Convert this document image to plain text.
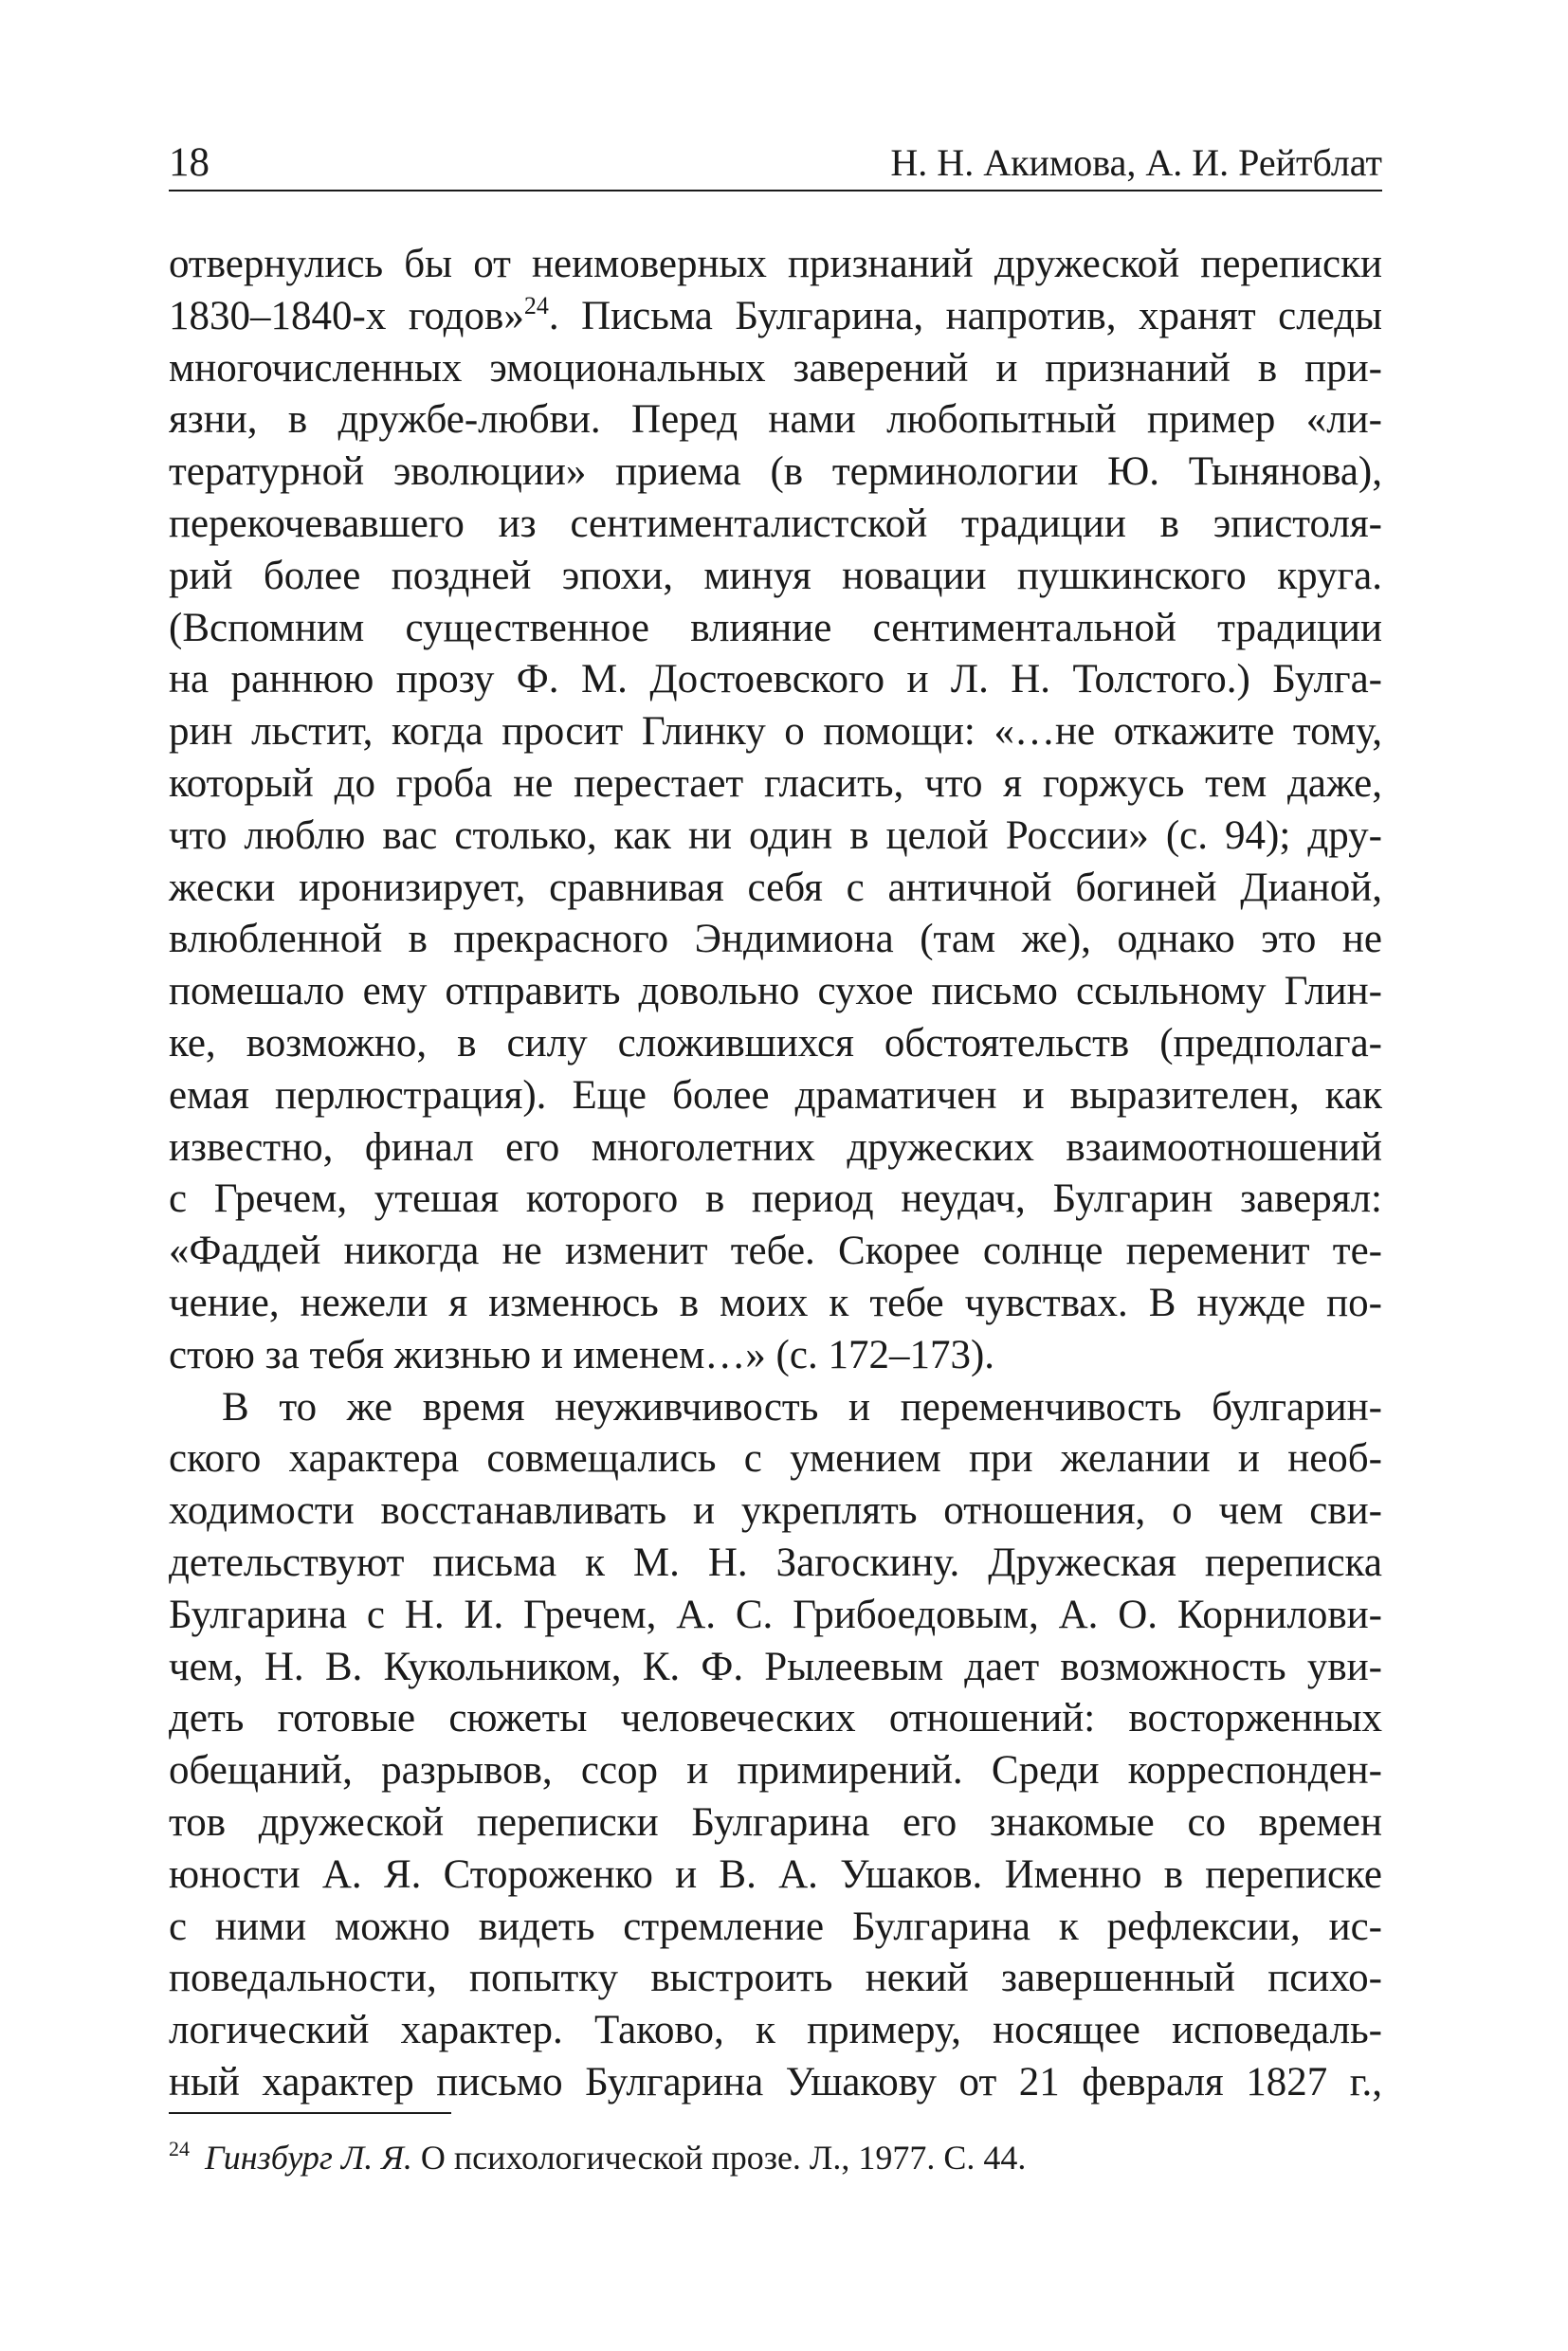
18	Н. Н. Акимова, А. И. Рейтблат
отвернулись бы от неимоверных признаний дружеской переписки
1830–1840-х годов»$^{24}$. Письма Булгарина, напротив, хранят следы
многочисленных эмоциональных заверений и признаний в при-
язни, в дружбе-любви. Перед нами любопытный пример «ли-
тературной эволюции» приема (в терминологии Ю. Тынянова),
перекочевавшего из сентименталистской традиции в эпистоля-
рий более поздней эпохи, минуя новации пушкинского круга.
(Вспомним существенное влияние сентиментальной традиции
на раннюю прозу Ф. М. Достоевского и Л. Н. Толстого.) Булга-
рин льстит, когда просит Глинку о помощи: «…не откажите тому,
который до гроба не перестает гласить, что я горжусь тем даже,
что люблю вас столько, как ни один в целой России» (с. 94); дру-
жески иронизирует, сравнивая себя с античной богиней Дианой,
влюбленной в прекрасного Эндимиона (там же), однако это не
помешало ему отправить довольно сухое письмо ссыльному Глин-
ке, возможно, в силу сложившихся обстоятельств (предполага-
емая перлюстрация). Еще более драматичен и выразителен, как
известно, финал его многолетних дружеских взаимоотношений
с Гречем, утешая которого в период неудач, Булгарин заверял:
«Фаддей никогда не изменит тебе. Скорее солнце переменит те-
чение, нежели я изменюсь в моих к тебе чувствах. В нужде по-
стою за тебя жизнью и именем…» (с. 172–173).
В то же время неуживчивость и переменчивость булгарин-
ского характера совмещались с умением при желании и необ-
ходимости восстанавливать и укреплять отношения, о чем сви-
детельствуют письма к М. Н. Загоскину. Дружеская переписка
Булгарина с Н. И. Гречем, А. С. Грибоедовым, А. О. Корнилови-
чем, Н. В. Кукольником, К. Ф. Рылеевым дает возможность уви-
деть готовые сюжеты человеческих отношений: восторженных
обещаний, разрывов, ссор и примирений. Среди корреспонден-
тов дружеской переписки Булгарина его знакомые со времен
юности А. Я. Стороженко и В. А. Ушаков. Именно в переписке
с ними можно видеть стремление Булгарина к рефлексии, ис-
поведальности, попытку выстроить некий завершенный психо-
логический характер. Таково, к примеру, носящее исповедаль-
ный характер письмо Булгарина Ушакову от 21 февраля 1827 г.,
$^{24}$ Гинзбург Л. Я. О психологической прозе. Л., 1977. С. 44.
